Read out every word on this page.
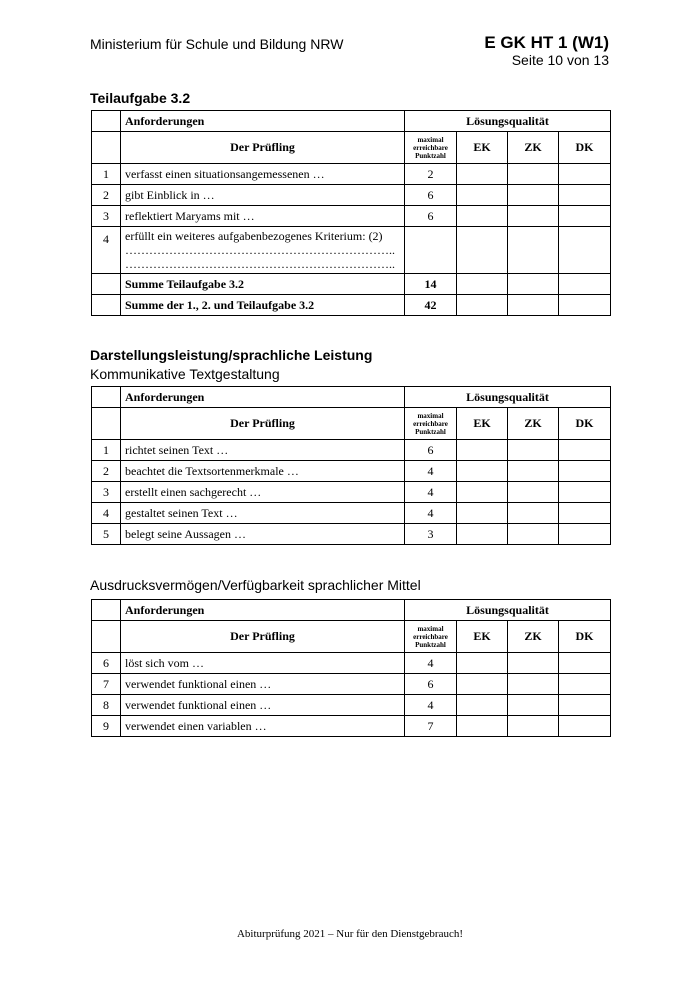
Ministerium für Schule und Bildung NRW	E GK HT 1 (W1)
Seite 10 von 13
Teilaufgabe 3.2
	Anforderungen	Lösungsqualität			
	Der Prüfling	maximal
erreichbare
Punktzahl	EK	ZK	DK
1	verfasst einen situationsangemessenen …	2			
2	gibt Einblick in …	6			
3	reflektiert Maryams mit …	6			
4	erfüllt ein weiteres aufgabenbezogenes Kriterium: (2)
…………………………………………………………..
…………………………………………………………..				

	Summe Teilaufgabe 3.2	14			
	Summe der 1., 2. und Teilaufgabe 3.2	42			
Darstellungsleistung/sprachliche Leistung
Kommunikative Textgestaltung
	Anforderungen	Lösungsqualität			
	Der Prüfling	maximal
erreichbare
Punktzahl	EK	ZK	DK
1	richtet seinen Text …	6			
2	beachtet die Textsortenmerkmale …	4			
3	erstellt einen sachgerecht …	4			
4	gestaltet seinen Text …	4			
5	belegt seine Aussagen …	3			
Ausdrucksvermögen/Verfügbarkeit sprachlicher Mittel
	Anforderungen	Lösungsqualität			
	Der Prüfling	maximal
erreichbare
Punktzahl	EK	ZK	DK
6	löst sich vom …	4			
7	verwendet funktional einen …	6			
8	verwendet funktional einen …	4			
9	verwendet einen variablen …	7			
Abiturprüfung 2021 – Nur für den Dienstgebrauch!
